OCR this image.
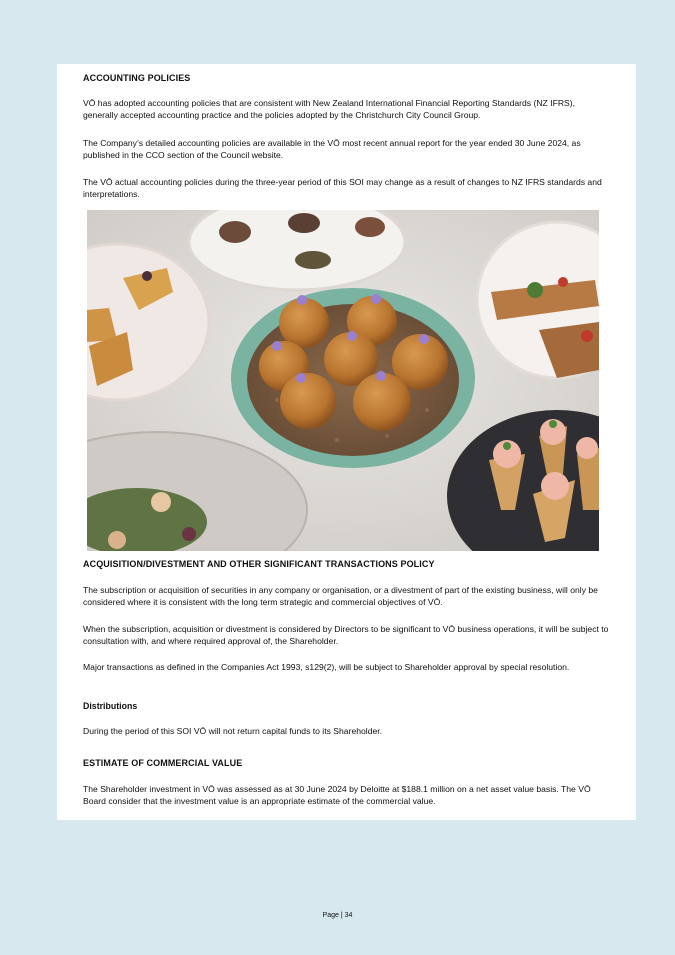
ACCOUNTING POLICIES

VŌ has adopted accounting policies that are consistent with New Zealand International Financial Reporting Standards (NZ IFRS), generally accepted accounting practice and the policies adopted by the Christchurch City Council Group.

The Company’s detailed accounting policies are available in the VŌ most recent annual report for the year ended 30 June 2024, as published in the CCO section of the Council website.

The VŌ actual accounting policies during the three-year period of this SOI may change as a result of changes to NZ IFRS standards and interpretations.

ACQUISITION/DIVESTMENT AND OTHER SIGNIFICANT TRANSACTIONS POLICY

The subscription or acquisition of securities in any company or organisation, or a divestment of part of the existing business, will only be considered where it is consistent with the long term strategic and commercial objectives of VŌ.

When the subscription, acquisition or divestment is considered by Directors to be significant to VŌ business operations, it will be subject to consultation with, and where required approval of, the Shareholder.

Major transactions as defined in the Companies Act 1993, s129(2), will be subject to Shareholder approval by special resolution.

Distributions

During the period of this SOI VŌ will not return capital funds to its Shareholder.

ESTIMATE OF COMMERCIAL VALUE

The Shareholder investment in VŌ was assessed as at 30 June 2024 by Deloitte at $188.1 million on a net asset value basis. The VŌ Board consider that the investment value is an appropriate estimate of the commercial value.

Page | 34
